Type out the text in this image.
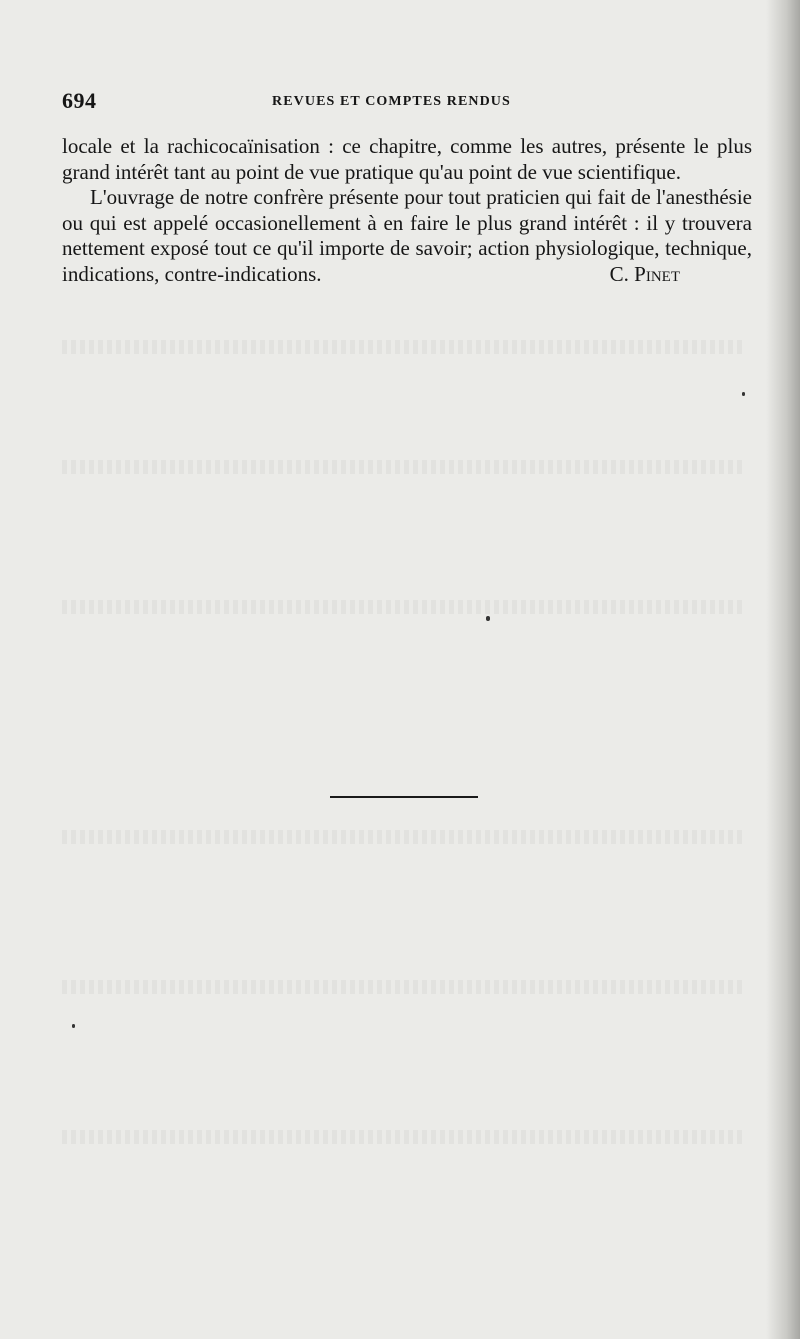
694	REVUES ET COMPTES RENDUS

locale et la rachicocaïnisation : ce chapitre, comme les autres, présente le plus grand intérêt tant au point de vue pratique qu'au point de vue scientifique.

L'ouvrage de notre confrère présente pour tout praticien qui fait de l'anesthésie ou qui est appelé occasionellement à en faire le plus grand intérêt : il y trouvera nettement exposé tout ce qu'il importe de savoir; action physiologique, technique, indications, contre-indications.	C. Pinet
